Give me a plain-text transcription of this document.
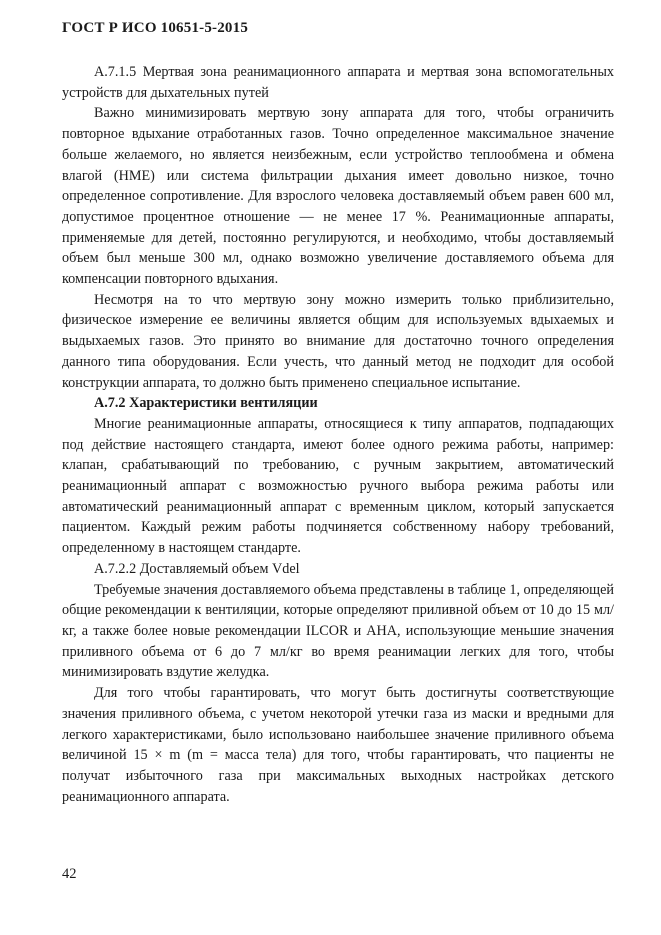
ГОСТ Р ИСО 10651-5-2015

А.7.1.5 Мертвая зона реанимационного аппарата и мертвая зона вспомогательных устройств для дыхательных путей

Важно минимизировать мертвую зону аппарата для того, чтобы ограничить повторное вдыхание отработанных газов. Точно определенное максимальное значение больше желаемого, но является неизбежным, если устройство теплообмена и обмена влагой (HME) или система фильтрации дыхания имеет довольно низкое, точно определенное сопротивление. Для взрослого человека доставляемый объем равен 600 мл, допустимое процентное отношение — не менее 17 %. Реанимационные аппараты, применяемые для детей, постоянно регулируются, и необходимо, чтобы доставляемый объем был меньше 300 мл, однако возможно увеличение доставляемого объема для компенсации повторного вдыхания.

Несмотря на то что мертвую зону можно измерить только приблизительно, физическое измерение ее величины является общим для используемых вдыхаемых и выдыхаемых газов. Это принято во внимание для достаточно точного определения данного типа оборудования. Если учесть, что данный метод не подходит для особой конструкции аппарата, то должно быть применено специальное испытание.

А.7.2 Характеристики вентиляции

Многие реанимационные аппараты, относящиеся к типу аппаратов, подпадающих под действие настоящего стандарта, имеют более одного режима работы, например: клапан, срабатывающий по требованию, с ручным закрытием, автоматический реанимационный аппарат с возможностью ручного выбора режима работы или автоматический реанимационный аппарат с временным циклом, который запускается пациентом. Каждый режим работы подчиняется собственному набору требований, определенному в настоящем стандарте.

А.7.2.2 Доставляемый объем Vdel

Требуемые значения доставляемого объема представлены в таблице 1, определяющей общие рекомендации к вентиляции, которые определяют приливной объем от 10 до 15 мл/кг, а также более новые рекомендации ILCOR и AHA, использующие меньшие значения приливного объема от 6 до 7 мл/кг во время реанимации легких для того, чтобы минимизировать вздутие желудка.

Для того чтобы гарантировать, что могут быть достигнуты соответствующие значения приливного объема, с учетом некоторой утечки газа из маски и вредными для легкого характеристиками, было использовано наибольшее значение приливного объема величиной 15 × m (m = масса тела) для того, чтобы гарантировать, что пациенты не получат избыточного газа при максимальных выходных настройках детского реанимационного аппарата.

42
